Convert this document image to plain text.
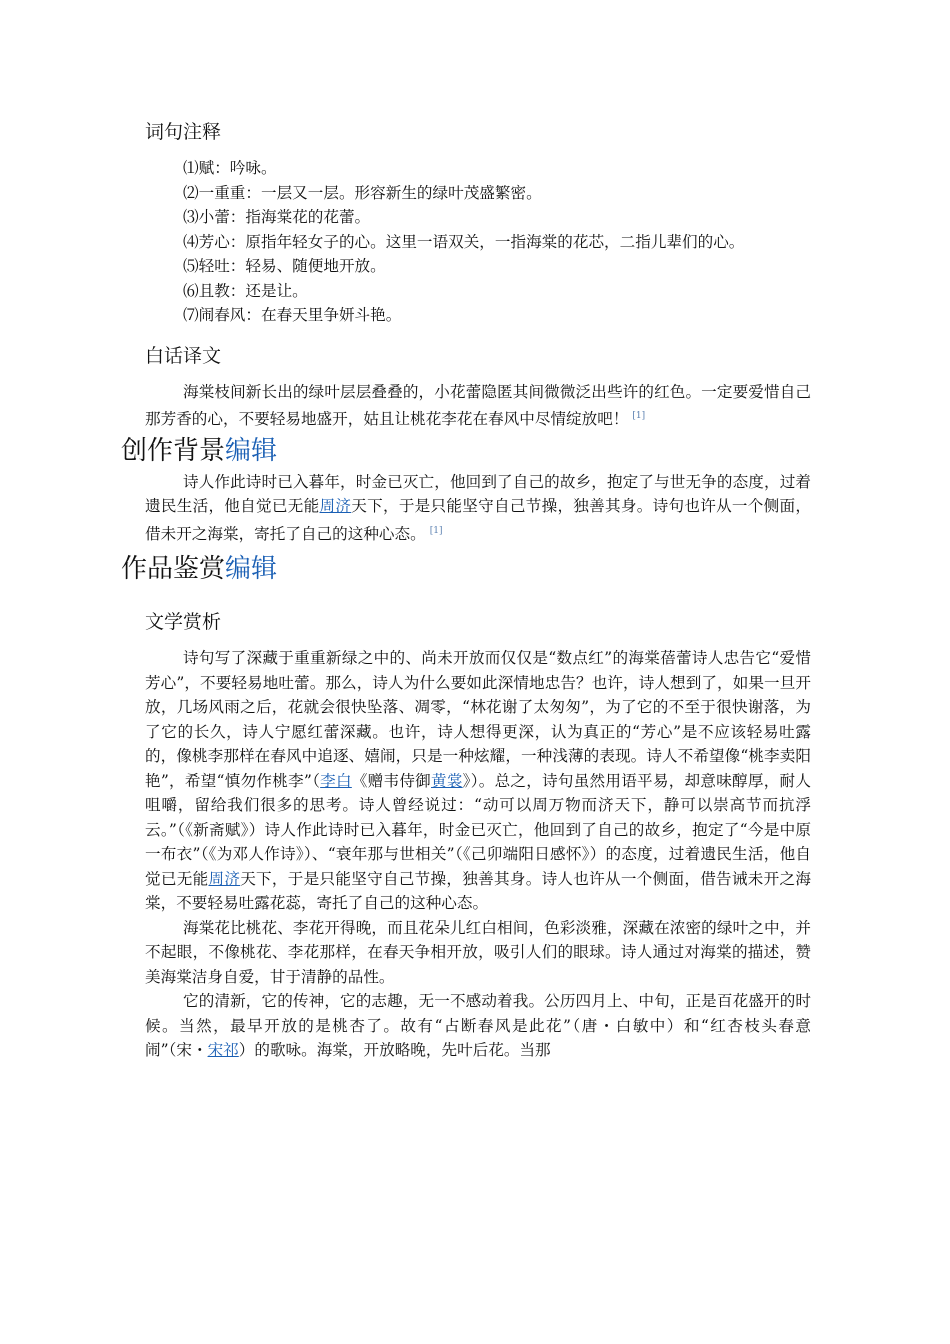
词句注释

⑴赋：吟咏。

⑵一重重：一层又一层。形容新生的绿叶茂盛繁密。

⑶小蕾：指海棠花的花蕾。

⑷芳心：原指年轻女子的心。这里一语双关，一指海棠的花芯，二指儿辈们的心。

⑸轻吐：轻易、随便地开放。

⑹且教：还是让。

⑺闹春风：在春天里争妍斗艳。

白话译文

海棠枝间新长出的绿叶层层叠叠的，小花蕾隐匿其间微微泛出些许的红色。一定要爱惜自己那芳香的心，不要轻易地盛开，姑且让桃花李花在春风中尽情绽放吧！ [1]

创作背景编辑

诗人作此诗时已入暮年，时金已灭亡，他回到了自己的故乡，抱定了与世无争的态度，过着遗民生活，他自觉已无能周济天下，于是只能坚守自己节操，独善其身。诗句也许从一个侧面，借未开之海棠，寄托了自己的这种心态。 [1]

作品鉴赏编辑
文学赏析

诗句写了深藏于重重新绿之中的、尚未开放而仅仅是“数点红”的海棠蓓蕾诗人忠告它“爱惜芳心”，不要轻易地吐蕾。那么，诗人为什么要如此深情地忠告？也许，诗人想到了，如果一旦开放，几场风雨之后，花就会很快坠落、凋零，“林花谢了太匆匆”，为了它的不至于很快谢落，为了它的长久，诗人宁愿红蕾深藏。也许，诗人想得更深，认为真正的“芳心”是不应该轻易吐露的，像桃李那样在春风中追逐、嬉闹，只是一种炫耀，一种浅薄的表现。诗人不希望像“桃李卖阳艳”，希望“慎勿作桃李”（李白《赠韦侍御黄裳》）。总之，诗句虽然用语平易，却意味醇厚，耐人咀嚼，留给我们很多的思考。诗人曾经说过：“动可以周万物而济天下，静可以崇高节而抗浮云。”（《新斋赋》）诗人作此诗时已入暮年，时金已灭亡，他回到了自己的故乡，抱定了“今是中原一布衣”（《为邓人作诗》）、“衰年那与世相关”（《己卯端阳日感怀》）的态度，过着遗民生活，他自觉已无能周济天下，于是只能坚守自己节操，独善其身。诗人也许从一个侧面，借告诫未开之海棠，不要轻易吐露花蕊，寄托了自己的这种心态。

海棠花比桃花、李花开得晚，而且花朵儿红白相间，色彩淡雅，深藏在浓密的绿叶之中，并不起眼，不像桃花、李花那样，在春天争相开放，吸引人们的眼球。诗人通过对海棠的描述，赞美海棠洁身自爱，甘于清静的品性。

它的清新，它的传神，它的志趣，无一不感动着我。公历四月上、中旬，正是百花盛开的时候。当然，最早开放的是桃杏了。故有“占断春风是此花”（唐・白敏中）和“红杏枝头春意闹”（宋・宋祁）的歌咏。海棠，开放略晚，先叶后花。当那
